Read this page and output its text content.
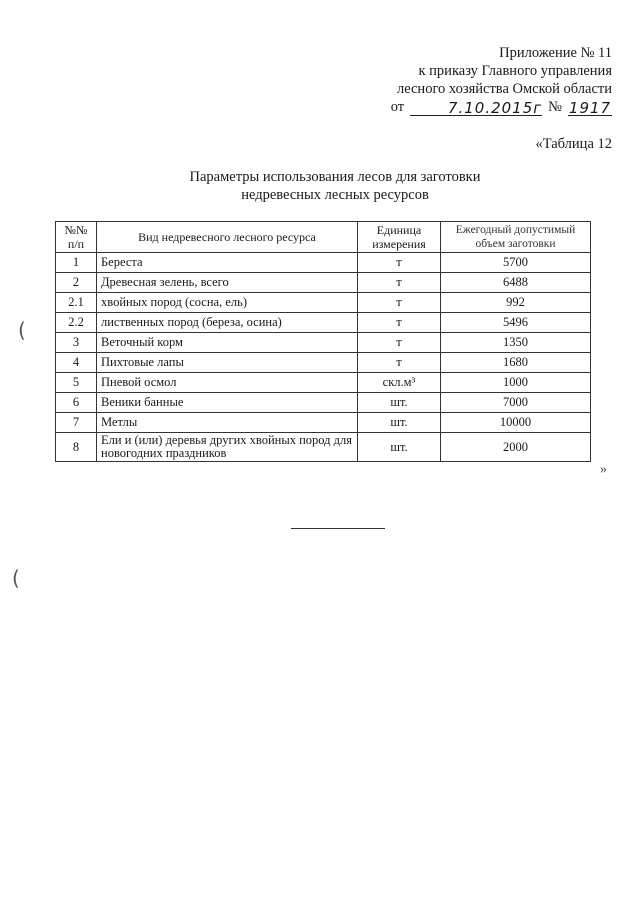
Приложение № 11
к приказу Главного управления
лесного хозяйства Омской области
от	7.10.2015г № 1917
«Таблица 12
Параметры использования лесов для заготовки
недревесных лесных ресурсов
№№ п/п	Вид недревесного лесного ресурса	Единица измерения	Ежегодный допустимый объем заготовки
1	Береста	т	5700
2	Древесная зелень, всего	т	6488
2.1	хвойных пород (сосна, ель)	т	992
2.2	лиственных пород (береза, осина)	т	5496
3	Веточный корм	т	1350
4	Пихтовые лапы	т	1680
5	Пневой осмол	скл.м³	1000
6	Веники банные	шт.	7000
7	Метлы	шт.	10000
8	Ели и (или) деревья других хвойных пород для новогодних праздников	шт.	2000
»
(
(
